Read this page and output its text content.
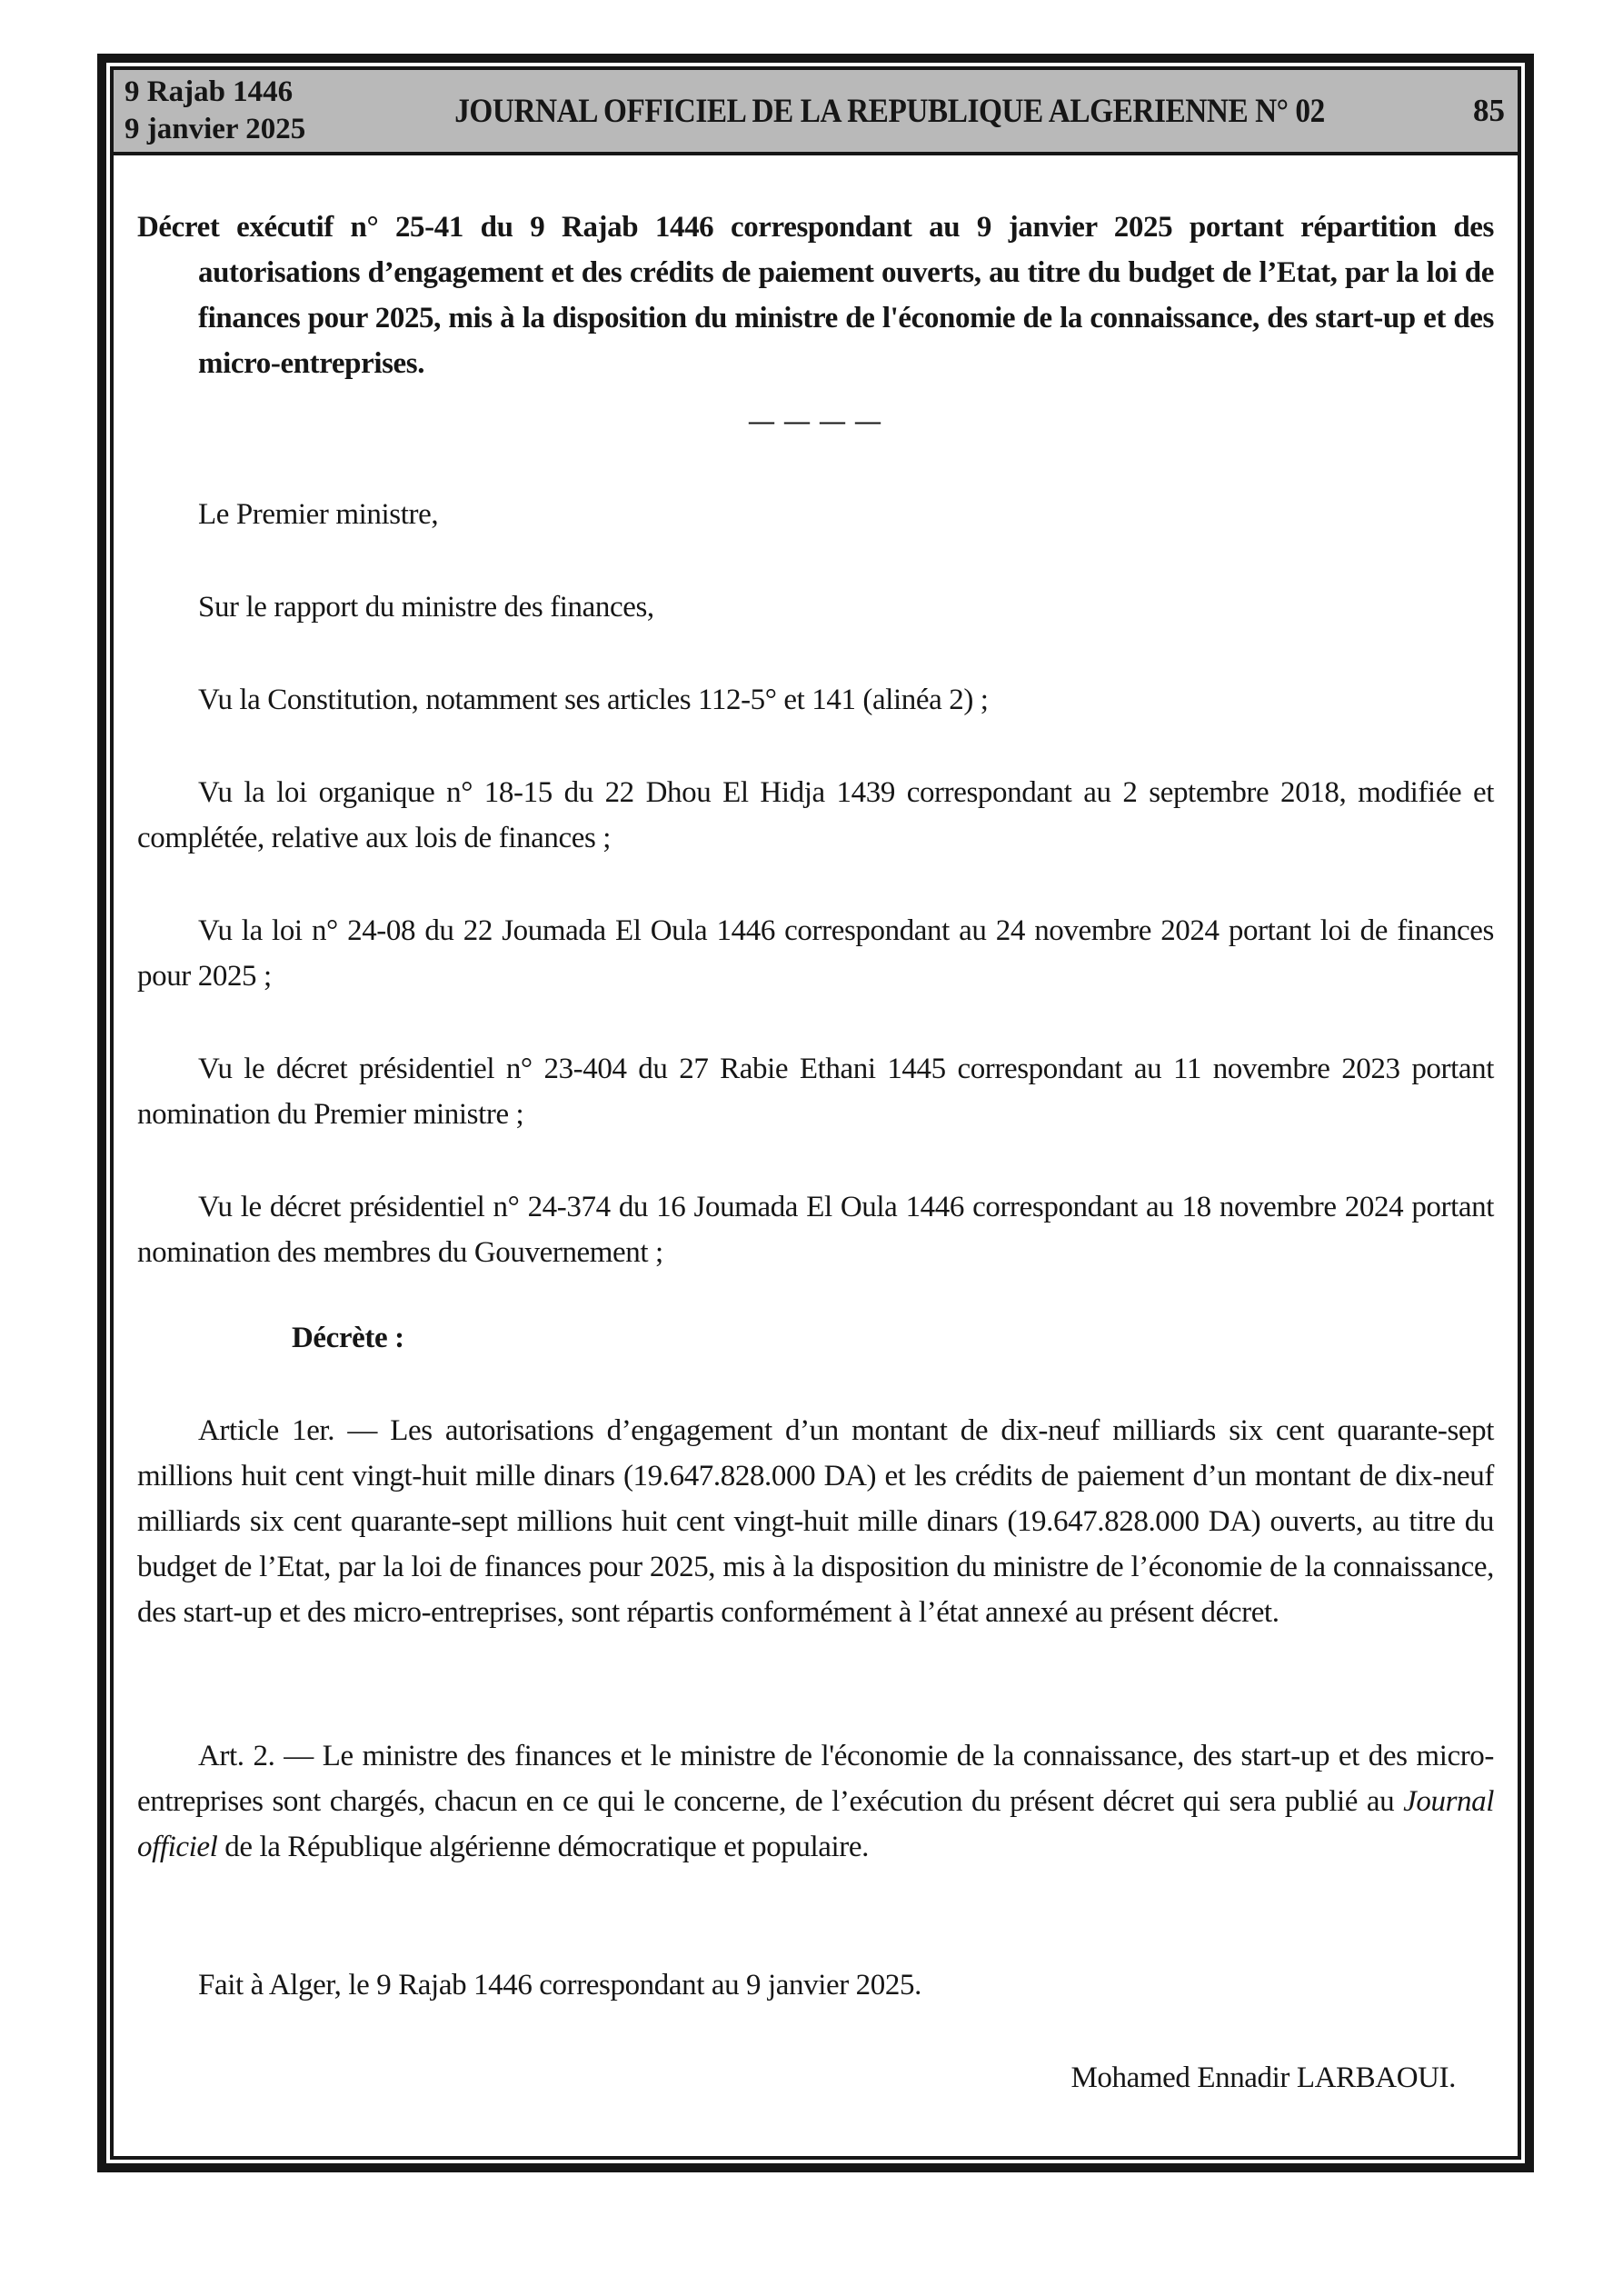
9 Rajab 1446
9 janvier 2025	JOURNAL OFFICIEL DE LA REPUBLIQUE ALGERIENNE N° 02	85

Décret exécutif n° 25-41 du 9 Rajab 1446 correspondant au 9 janvier 2025 portant répartition des autorisations d’engagement et des crédits de paiement ouverts, au titre du budget de l’Etat, par la loi de finances pour 2025, mis à la disposition du ministre de l'économie de la connaissance, des start-up et des micro-entreprises.

— — — —

Le Premier ministre,

Sur le rapport du ministre des finances,

Vu la Constitution, notamment ses articles 112-5° et 141 (alinéa 2) ;

Vu la loi organique n° 18-15 du 22 Dhou El Hidja 1439 correspondant au 2 septembre 2018, modifiée et complétée, relative aux lois de finances ;

Vu la loi n° 24-08 du 22 Joumada El Oula 1446 correspondant au 24 novembre 2024 portant loi de finances pour 2025 ;

Vu le décret présidentiel n° 23-404 du 27 Rabie Ethani 1445 correspondant au 11 novembre 2023 portant nomination du Premier ministre ;

Vu le décret présidentiel n° 24-374 du 16 Joumada El Oula 1446 correspondant au 18 novembre 2024 portant nomination des membres du Gouvernement ;

Décrète :

Article 1er. — Les autorisations d’engagement d’un montant de dix-neuf milliards six cent quarante-sept millions huit cent vingt-huit mille dinars (19.647.828.000 DA) et les crédits de paiement d’un montant de dix-neuf milliards six cent quarante-sept millions huit cent vingt-huit mille dinars (19.647.828.000 DA) ouverts, au titre du budget de l’Etat, par la loi de finances pour 2025, mis à la disposition du ministre de l’économie de la connaissance, des start-up et des micro-entreprises, sont répartis conformément à l’état annexé au présent décret.

Art. 2. — Le ministre des finances et le ministre de l'économie de la connaissance, des start-up et des micro-entreprises sont chargés, chacun en ce qui le concerne, de l’exécution du présent décret qui sera publié au Journal officiel de la République algérienne démocratique et populaire.

Fait à Alger, le 9 Rajab 1446 correspondant au 9 janvier 2025.

Mohamed Ennadir LARBAOUI.
